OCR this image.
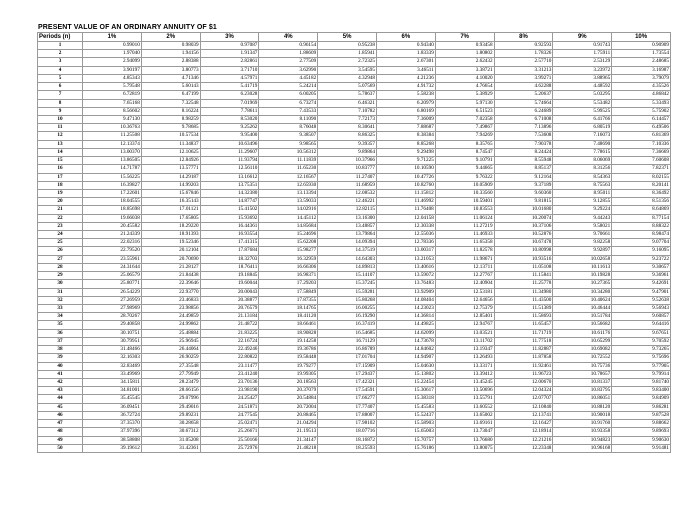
PRESENT VALUE OF AN ORDINARY ANNUITY OF $1
Periods (n)	1%	2%	3%	4%	5%	6%	7%	8%	9%	10%
1	0.99010	0.98039	0.97087	0.96154	0.95238	0.94340	0.93458	0.92593	0.91743	0.90909
2	1.97040	1.94156	1.91347	1.88609	1.85941	1.83339	1.80802	1.78326	1.75911	1.73554
3	2.94099	2.88388	2.82861	2.77509	2.72325	2.67301	2.62432	2.57710	2.53129	2.48685
4	3.90197	3.80773	3.71710	3.62990	3.54595	3.46511	3.38721	3.31213	3.23972	3.16987
5	4.85343	4.71346	4.57971	4.45182	4.32948	4.21236	4.10020	3.99271	3.88965	3.79079
6	5.79548	5.60143	5.41719	5.24214	5.07569	4.91732	4.76654	4.62288	4.48592	4.35526
7	6.72819	6.47199	6.23028	6.00205	5.78637	5.58238	5.38929	5.20637	5.03295	4.86842
8	7.65168	7.32548	7.01969	6.73274	6.46321	6.20979	5.97130	5.74664	5.53482	5.33493
9	8.56602	8.16224	7.78611	7.43533	7.10782	6.80169	6.51523	6.24689	5.99525	5.75902
10	9.47130	8.98259	8.53020	8.11090	7.72173	7.36009	7.02358	6.71008	6.41766	6.14457
11	10.36763	9.78685	9.25262	8.76048	8.30641	7.88687	7.49867	7.13896	6.80519	6.49506
12	11.25508	10.57534	9.95400	9.38507	8.86325	8.38384	7.94269	7.53608	7.16073	6.81369
13	12.13374	11.34837	10.63496	9.98565	9.39357	8.85268	8.35765	7.90378	7.48690	7.10336
14	13.00370	12.10625	11.29607	10.56312	9.89864	9.29498	8.74547	8.24424	7.78615	7.36669
15	13.86505	12.84926	11.93794	11.11839	10.37966	9.71225	9.10791	8.55948	8.06069	7.60608
16	14.71787	13.57771	12.56110	11.65230	10.83777	10.10590	9.44665	8.85137	8.31256	7.82371
17	15.56225	14.29187	13.16612	12.16567	11.27407	10.47726	9.76322	9.12164	8.54363	8.02155
18	16.39827	14.99203	13.75351	12.65930	11.68959	10.82760	10.05909	9.37189	8.75563	8.20141
19	17.22601	15.67846	14.32380	13.13394	12.08532	11.15812	10.33560	9.60360	8.95011	8.36492
20	18.04555	16.35143	14.87747	13.59033	12.46221	11.46992	10.59401	9.81815	9.12855	8.51356
21	18.85698	17.01121	15.41502	14.02916	12.82115	11.76408	10.83553	10.01680	9.29224	8.64869
22	19.66038	17.65805	15.93692	14.45112	13.16300	12.04158	11.06124	10.20074	9.44243	8.77154
23	20.45582	18.29220	16.44361	14.85684	13.48857	12.30338	11.27219	10.37106	9.58021	8.88322
24	21.24339	18.91393	16.93554	15.24696	13.79864	12.55036	11.46933	10.52876	9.70661	8.98474
25	22.02316	19.52346	17.41315	15.62208	14.09394	12.78336	11.65358	10.67478	9.82258	9.07704
26	22.79520	20.12104	17.87684	15.98277	14.37519	13.00317	11.82578	10.80998	9.92897	9.16095
27	23.55961	20.70690	18.32703	16.32959	14.64303	13.21053	11.98671	10.93516	10.02658	9.23722
28	24.31644	21.28127	18.76411	16.66306	14.89813	13.40616	12.13711	11.05108	10.11613	9.30657
29	25.06579	21.84438	19.18845	16.98371	15.14107	13.59072	12.27767	11.15841	10.19828	9.36961
30	25.80771	22.39646	19.60044	17.29203	15.37245	13.76483	12.40904	11.25778	10.27365	9.42691
31	26.54229	22.93770	20.00043	17.58849	15.59281	13.92909	12.53181	11.34980	10.34280	9.47901
32	27.26959	23.46833	20.38877	17.87355	15.80268	14.08404	12.64656	11.43500	10.40624	9.52638
33	27.98969	23.98856	20.76579	18.14765	16.00255	14.23023	12.75379	11.51389	10.46444	9.56943
34	28.70267	24.49859	21.13184	18.41120	16.19290	14.36814	12.85401	11.58693	10.51784	9.60857
35	29.40858	24.99862	21.48722	18.66461	16.37419	14.49825	12.94767	11.65457	10.56682	9.64416
36	30.10751	25.48884	21.83225	18.90828	16.54685	14.62099	13.03521	11.71719	10.61176	9.67651
37	30.79951	25.96945	22.16724	19.14258	16.71129	14.73678	13.11702	11.77518	10.65299	9.70592
38	31.48466	26.44064	22.49246	19.36786	16.86789	14.84602	13.19347	11.82887	10.69082	9.73265
39	32.16303	26.90259	22.80822	19.58448	17.01704	14.94907	13.26493	11.87858	10.72552	9.75696
40	32.83469	27.35548	23.11477	19.79277	17.15909	15.04630	13.33171	11.92461	10.75736	9.77905
41	33.49969	27.79949	23.41240	19.99305	17.29437	15.13802	13.39412	11.96723	10.78657	9.79914
42	34.15811	28.23479	23.70136	20.18563	17.42321	15.22454	13.45245	12.00670	10.81337	9.81740
43	34.81001	28.66156	23.98190	20.37079	17.54591	15.30617	13.50696	12.04324	10.83795	9.83400
44	35.45545	29.07996	24.25427	20.54884	17.66277	15.38318	13.55791	12.07707	10.86051	9.84909
45	36.09451	29.49016	24.51871	20.72004	17.77407	15.45583	13.60552	12.10840	10.88120	9.86281
46	36.72724	29.89231	24.77545	20.88465	17.88007	15.52437	13.65002	12.13741	10.90018	9.87528
47	37.35370	30.28658	25.02471	21.04294	17.98102	15.58903	13.69161	12.16427	10.91760	9.88662
48	37.97396	30.67312	25.26671	21.19513	18.07716	15.65003	13.73047	12.18914	10.93358	9.89693
49	38.58808	31.05208	25.50166	21.34147	18.16872	15.70757	13.76680	12.21216	10.94823	9.90630
50	39.19612	31.42361	25.72976	21.48218	18.25593	15.76186	13.80075	12.23348	10.96168	9.91481
